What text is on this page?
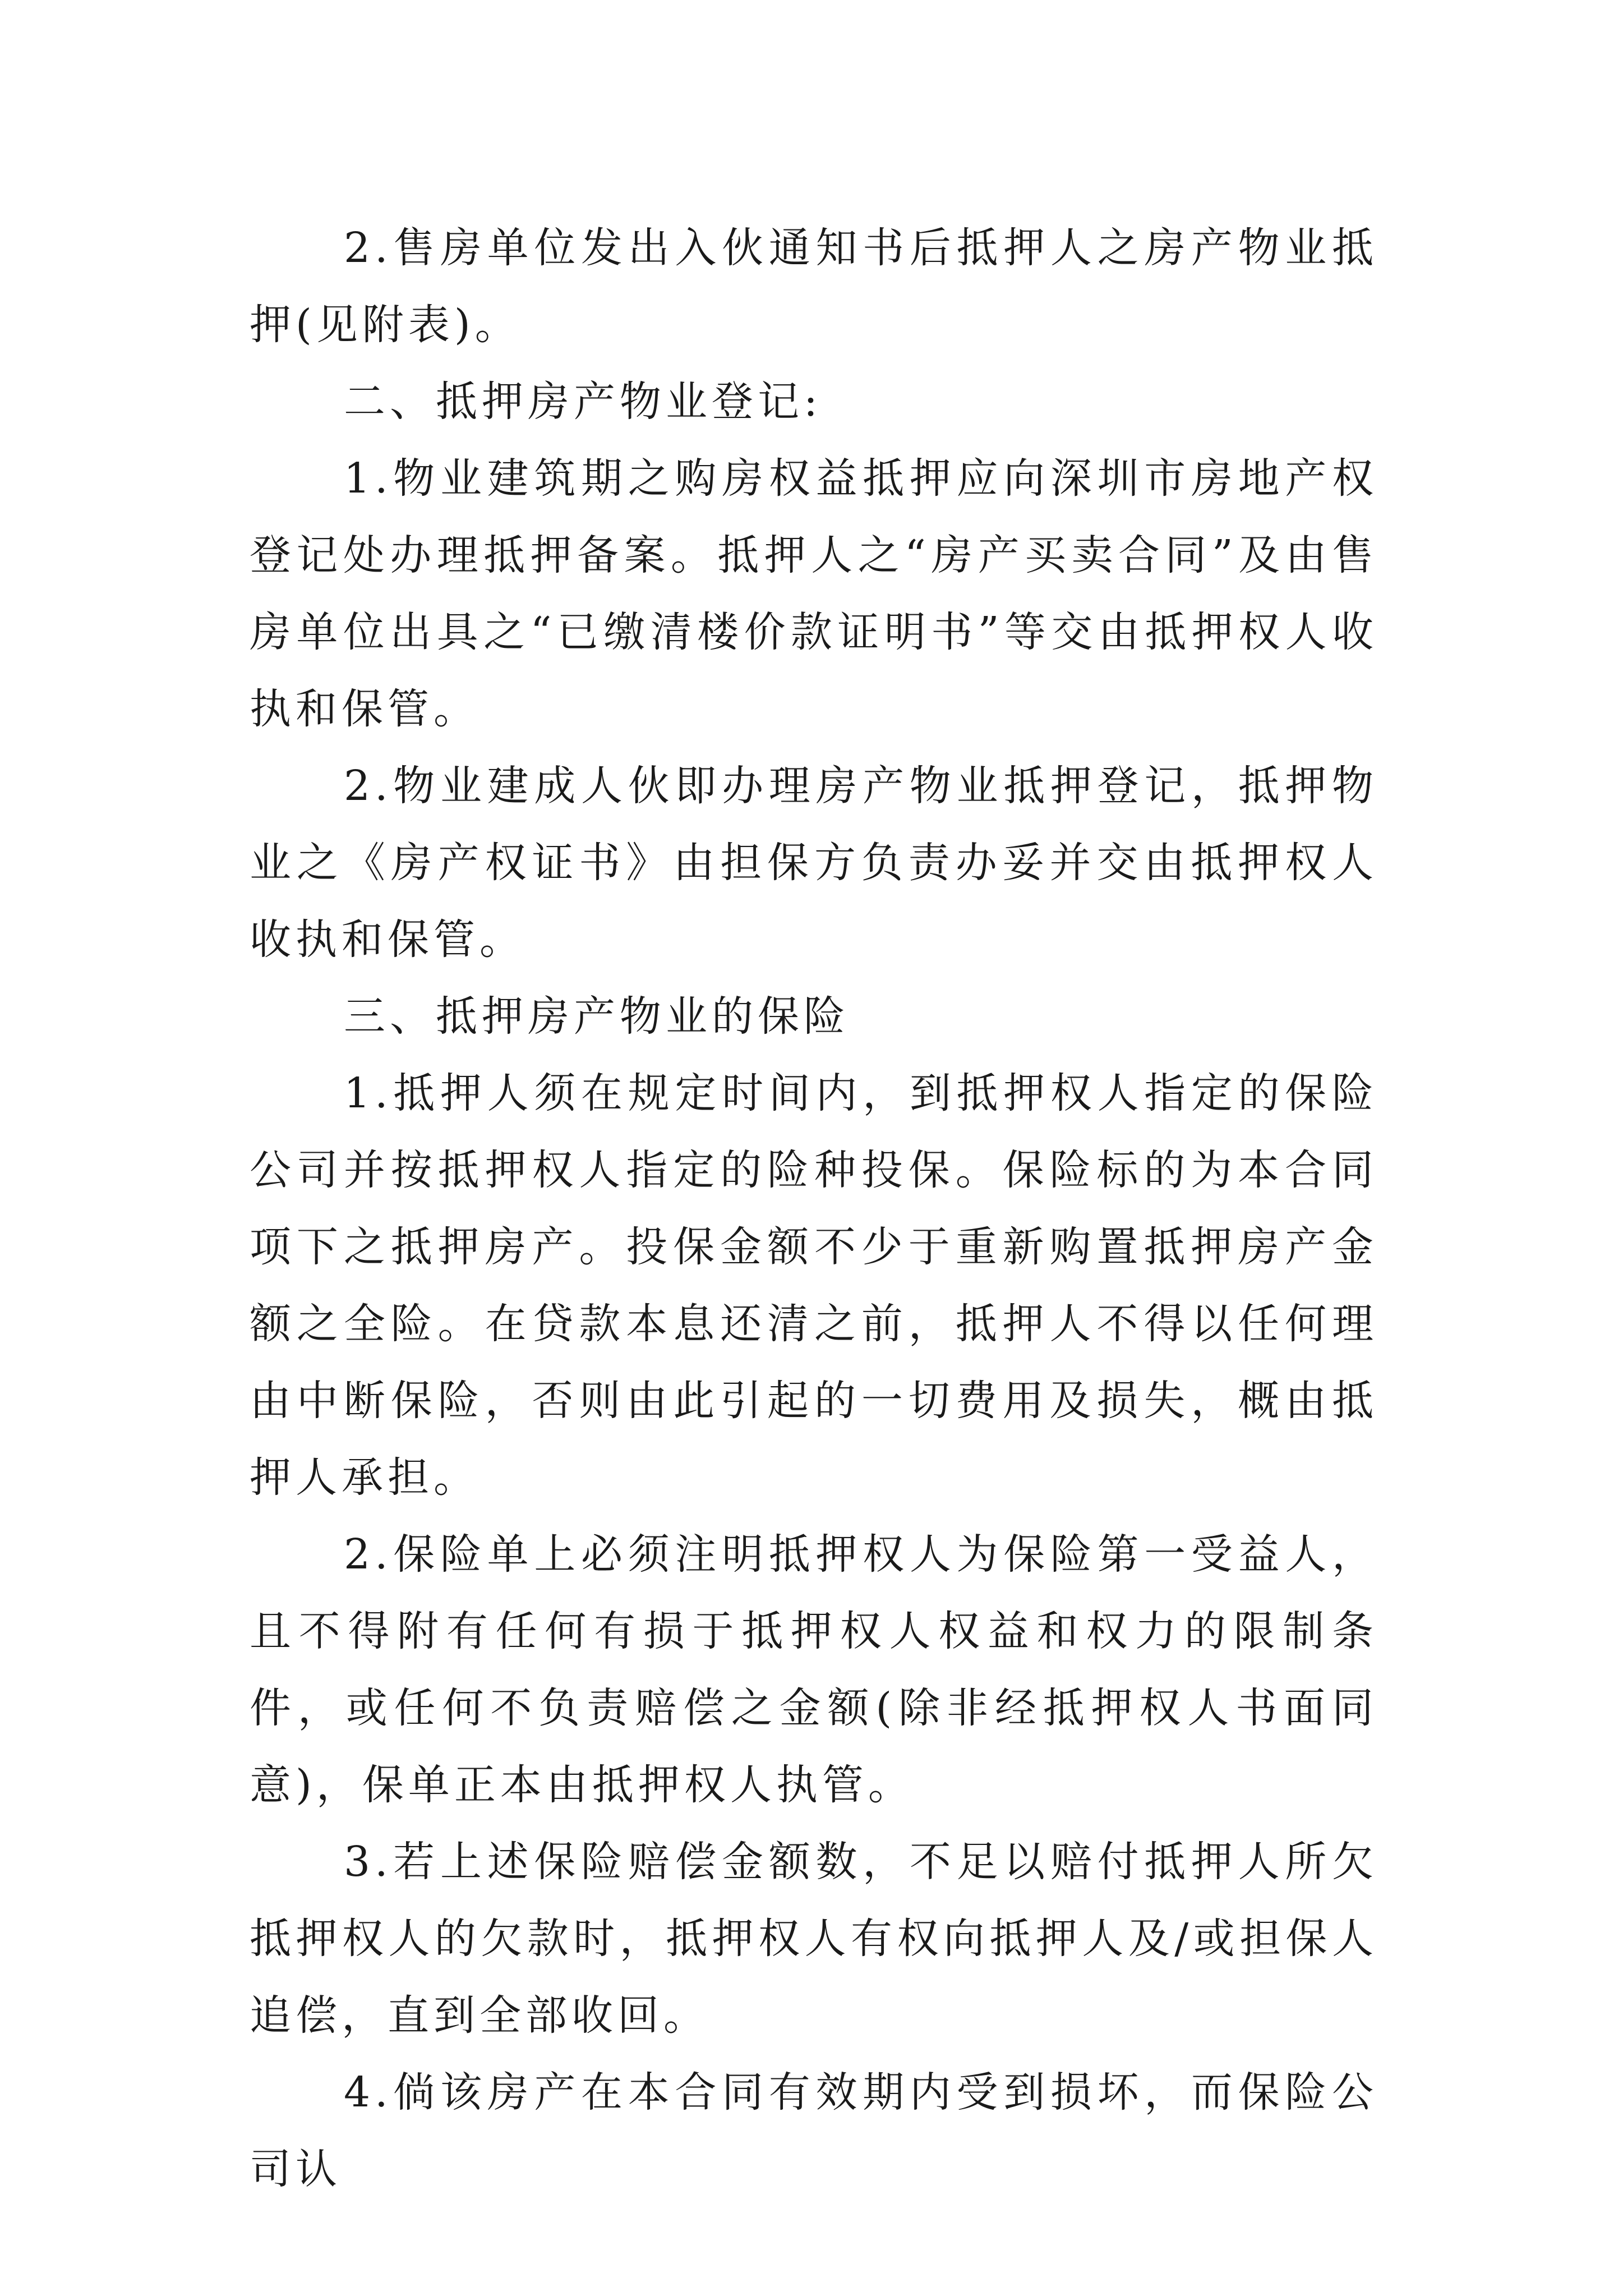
2.售房单位发出入伙通知书后抵押人之房产物业抵押(见附表)。

二、抵押房产物业登记:

1.物业建筑期之购房权益抵押应向深圳市房地产权登记处办理抵押备案。抵押人之“房产买卖合同”及由售房单位出具之“已缴清楼价款证明书”等交由抵押权人收执和保管。

2.物业建成人伙即办理房产物业抵押登记，抵押物业之《房产权证书》由担保方负责办妥并交由抵押权人收执和保管。

三、抵押房产物业的保险

1.抵押人须在规定时间内，到抵押权人指定的保险公司并按抵押权人指定的险种投保。保险标的为本合同项下之抵押房产。投保金额不少于重新购置抵押房产金额之全险。在贷款本息还清之前，抵押人不得以任何理由中断保险，否则由此引起的一切费用及损失，概由抵押人承担。

2.保险单上必须注明抵押权人为保险第一受益人，且不得附有任何有损于抵押权人权益和权力的限制条件，或任何不负责赔偿之金额(除非经抵押权人书面同意)，保单正本由抵押权人执管。

3.若上述保险赔偿金额数，不足以赔付抵押人所欠抵押权人的欠款时，抵押权人有权向抵押人及/或担保人追偿，直到全部收回。

4.倘该房产在本合同有效期内受到损坏，而保险公司认
